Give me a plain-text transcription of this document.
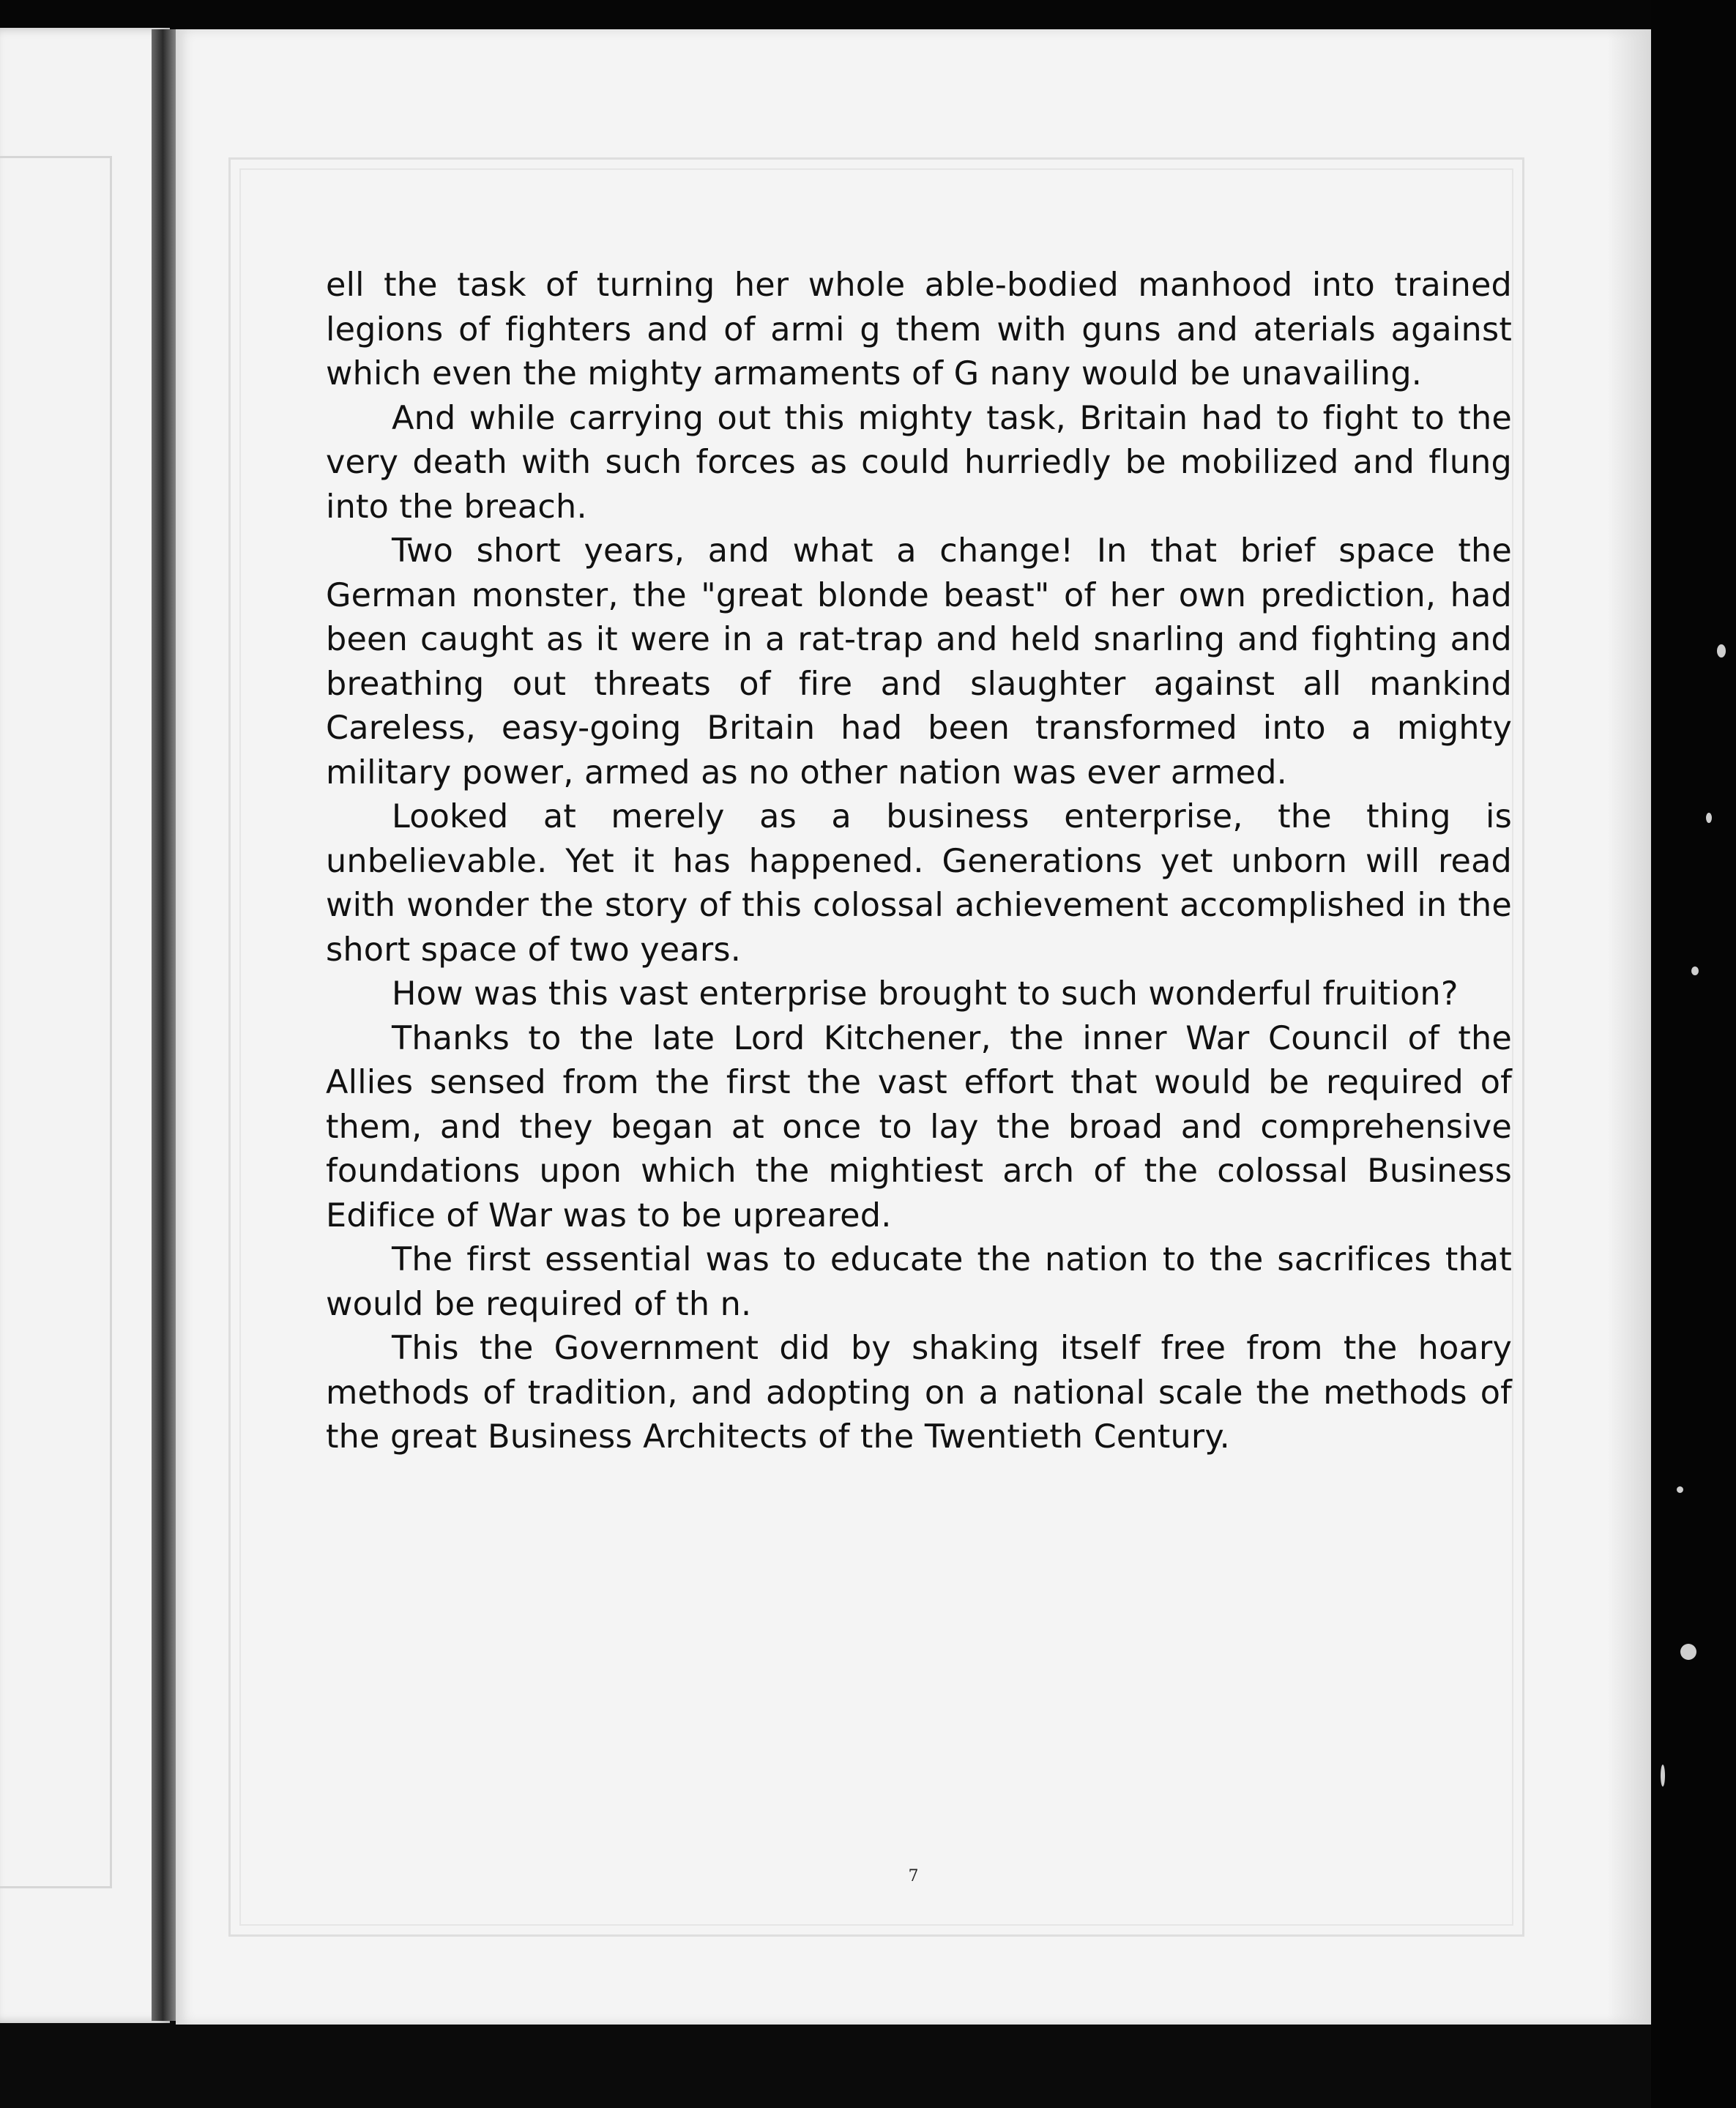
ell the task of turning her whole able-bodied manhood into trained legions of fighters and of armi g them with guns and aterials against which even the mighty armaments of G nany would be unavailing.

And while carrying out this mighty task, Britain had to fight to the very death with such forces as could hurriedly be mobilized and flung into the breach.

Two short years, and what a change! In that brief space the German monster, the "great blonde beast" of her own prediction, had been caught as it were in a rat-trap and held snarling and fighting and breathing out threats of fire and slaughter against all mankind Careless, easy-going Britain had been transformed into a mighty military power, armed as no other nation was ever armed.

Looked at merely as a business enterprise, the thing is unbelievable. Yet it has happened. Generations yet unborn will read with wonder the story of this colossal achievement accomplished in the short space of two years.

How was this vast enterprise brought to such wonderful fruition?

Thanks to the late Lord Kitchener, the inner War Council of the Allies sensed from the first the vast effort that would be required of them, and they began at once to lay the broad and comprehensive foundations upon which the mightiest arch of the colossal Business Edifice of War was to be upreared.

The first essential was to educate the nation to the sacrifices that would be required of th n.

This the Government did by shaking itself free from the hoary methods of tradition, and adopting on a national scale the methods of the great Business Architects of the Twentieth Century.

7
